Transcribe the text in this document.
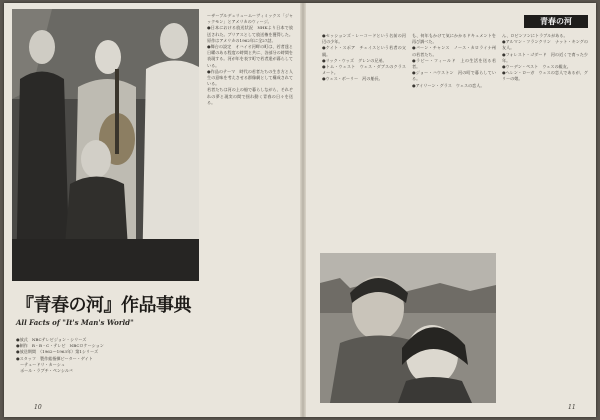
ーザーブルデュリュームーヴィミックス「ジャックモン」とアメリカのウィージ。

●日本における放送状況　NHKより日本で放送された。ブリアスとして放送権を獲得した。原作はアメリカの1962年に全27話。

●舞台の設定　オハイオ河畔の町は、若者達と日曜のある程度の時間と共に、各部分の時間を表現する。河が年を表す町で若者達が暮らしている。

●作品のテーマ　時代の若者たちの生き方と人生の意味を考えさせる群像劇として構成されている。

若者たちは河の上の船で暮らしながら、それぞれの夢と現実の間で揺れ動く青春の日々を送る。

『青春の河』作品事典
All Facts of "It's Man's World"
●放式　NBCテレビジョン・シリーズ
●制作　R・B・C・テレビ　NBCロケーション
●放送期間　（1962〜1963年）第1シリーズ
●スタッフ　製作総指揮ピーター・ゲイト
　ーテュードリ・カーシュ
　ポール・ラブチ・ペンシルバ
10
青春の河
●セッションズ・レーコードという名前の河辺の少年。
●ケイト・スポア　チェイスという若者の父親。
●リック・ウッズ　グレンの兄弟。
●トム・ウェスト　ウェス・ダブスのクラスメート。
●ウェス・ボーリー　河の船長。
も、何年もかけて気にかかるドキュメントを再び調べた。
●バーン・チャンス　ノース・カロライナ州の若者たち。
●ラピー・フィールド　上の生活を送る若者。
●ジョー・ハウストン　河の町で暮らしている。
●アイリーン・グラス　ウェスの恋人。
ん、ロビンソンにトラブルがある。
●アルマン・フランクリン　ナット・キングの友人。
●フォレスト・ゴダード　河の近くで育った少年。
●ウーデン・ペスト　ウェスの親友。
●ヘレン・ローガ　ウェスの恋人であるが、グリーの娘。
11
